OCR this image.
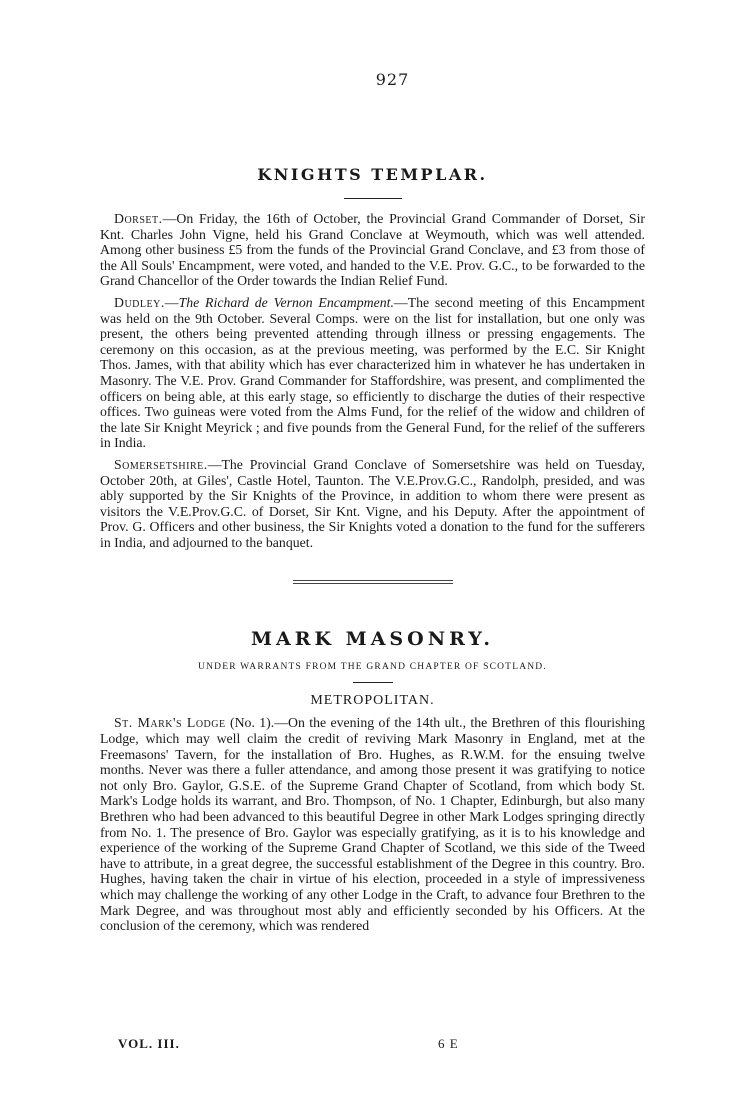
927
KNIGHTS TEMPLAR.

Dorset.—On Friday, the 16th of October, the Provincial Grand Commander of Dorset, Sir Knt. Charles John Vigne, held his Grand Conclave at Weymouth, which was well attended. Among other business £5 from the funds of the Provincial Grand Conclave, and £3 from those of the All Souls' Encampment, were voted, and handed to the V.E. Prov. G.C., to be forwarded to the Grand Chancellor of the Order towards the Indian Relief Fund.

Dudley.—The Richard de Vernon Encampment.—The second meeting of this Encampment was held on the 9th October. Several Comps. were on the list for installation, but one only was present, the others being prevented attending through illness or pressing engagements. The ceremony on this occasion, as at the previous meeting, was performed by the E.C. Sir Knight Thos. James, with that ability which has ever characterized him in whatever he has undertaken in Masonry. The V.E. Prov. Grand Commander for Staffordshire, was present, and complimented the officers on being able, at this early stage, so efficiently to discharge the duties of their respective offices. Two guineas were voted from the Alms Fund, for the relief of the widow and children of the late Sir Knight Meyrick ; and five pounds from the General Fund, for the relief of the sufferers in India.

Somersetshire.—The Provincial Grand Conclave of Somersetshire was held on Tuesday, October 20th, at Giles', Castle Hotel, Taunton. The V.E.Prov.G.C., Randolph, presided, and was ably supported by the Sir Knights of the Province, in addition to whom there were present as visitors the V.E.Prov.G.C. of Dorset, Sir Knt. Vigne, and his Deputy. After the appointment of Prov. G. Officers and other business, the Sir Knights voted a donation to the fund for the sufferers in India, and adjourned to the banquet.

MARK MASONRY.
UNDER WARRANTS FROM THE GRAND CHAPTER OF SCOTLAND.
METROPOLITAN.

St. Mark's Lodge (No. 1).—On the evening of the 14th ult., the Brethren of this flourishing Lodge, which may well claim the credit of reviving Mark Masonry in England, met at the Freemasons' Tavern, for the installation of Bro. Hughes, as R.W.M. for the ensuing twelve months. Never was there a fuller attendance, and among those present it was gratifying to notice not only Bro. Gaylor, G.S.E. of the Supreme Grand Chapter of Scotland, from which body St. Mark's Lodge holds its warrant, and Bro. Thompson, of No. 1 Chapter, Edinburgh, but also many Brethren who had been advanced to this beautiful Degree in other Mark Lodges springing directly from No. 1. The presence of Bro. Gaylor was especially gratifying, as it is to his knowledge and experience of the working of the Supreme Grand Chapter of Scotland, we this side of the Tweed have to attribute, in a great degree, the successful establishment of the Degree in this country. Bro. Hughes, having taken the chair in virtue of his election, proceeded in a style of impressiveness which may challenge the working of any other Lodge in the Craft, to advance four Brethren to the Mark Degree, and was throughout most ably and efficiently seconded by his Officers. At the conclusion of the ceremony, which was rendered

VOL. III.	6 E
